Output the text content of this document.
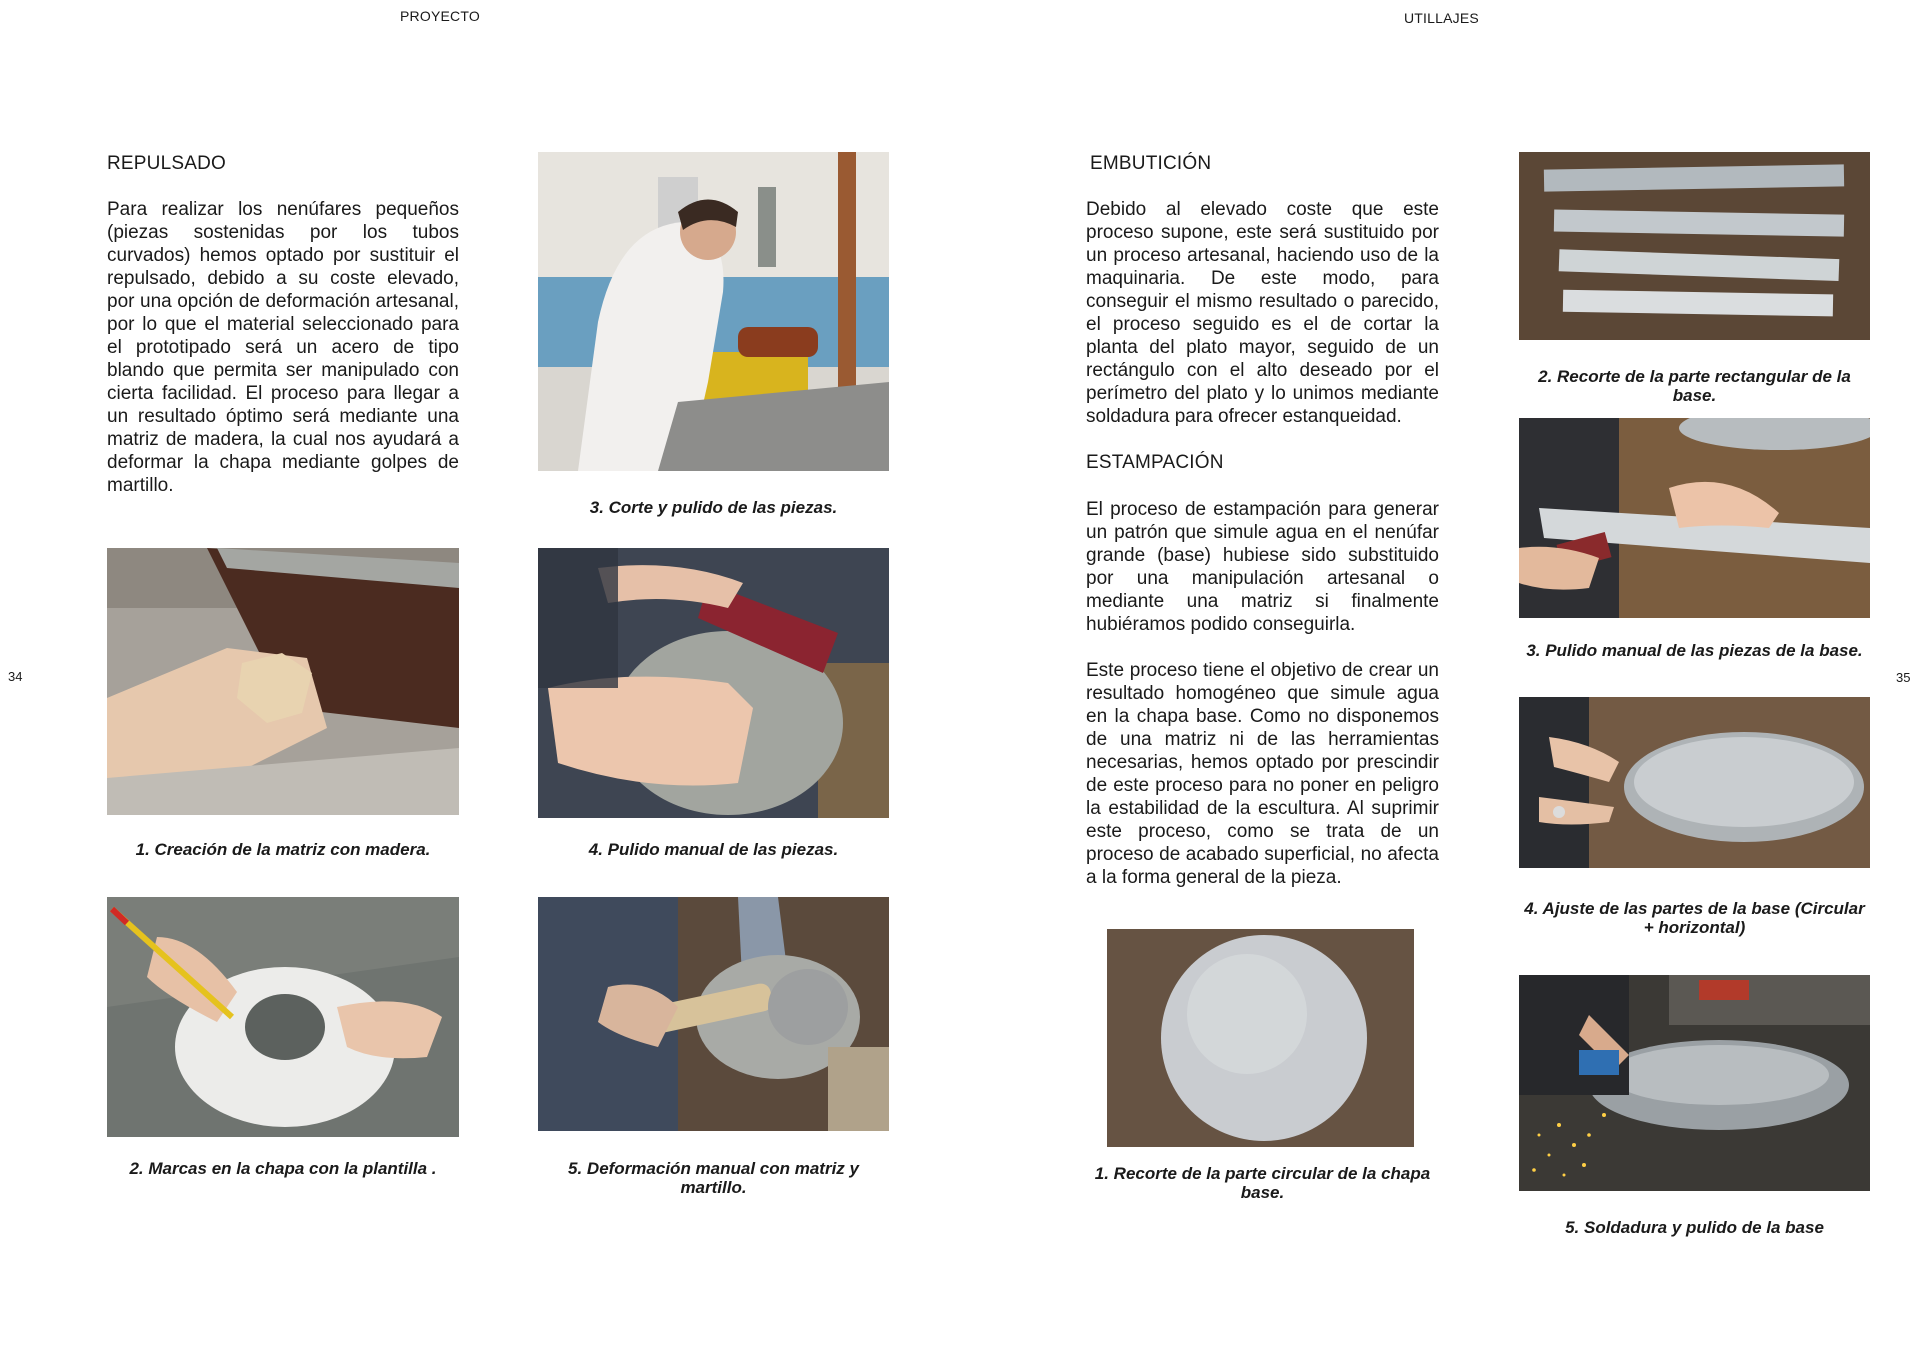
PROYECTO	UTILLAJES
34	35
REPULSADO

Para realizar los nenúfares pequeños (piezas sostenidas por los tubos curvados) hemos optado por sustituir el repulsado, debido a su coste elevado, por una opción de deformación artesanal, por lo que el material seleccionado para el prototipado será un acero de tipo blando que permita ser manipulado con cierta facilidad. El proceso para llegar a un resultado óptimo será mediante una matriz de madera, la cual nos ayudará a deformar la chapa mediante golpes de martillo.

3. Corte y pulido de las piezas.

1. Creación de la matriz con madera.	4. Pulido manual de las piezas.

2. Marcas en la chapa con la plantilla .	5. Deformación manual con matriz y martillo.

EMBUTICIÓN

Debido al elevado coste que este proceso supone, este será sustituido por un proceso artesanal, haciendo uso de la maquinaria. De este modo, para conseguir el mismo resultado o parecido, el proceso seguido es el de cortar la planta del plato mayor, seguido de un rectángulo con el alto deseado por el perímetro del plato y lo unimos mediante soldadura para ofrecer estanqueidad.

ESTAMPACIÓN

El proceso de estampación para generar un patrón que simule agua en el nenúfar grande (base) hubiese sido substituido por una manipulación artesanal o mediante una matriz si finalmente hubiéramos podido conseguirla.

Este proceso tiene el objetivo de crear un resultado homogéneo que simule agua en la chapa base. Como no disponemos de una matriz ni de las herramientas necesarias, hemos optado por prescindir de este proceso para no poner en peligro la estabilidad de la escultura. Al suprimir este proceso, como se trata de un proceso de acabado superficial, no afecta a la forma general de la pieza.

1. Recorte de la parte circular de la chapa base.

2. Recorte de la parte rectangular de la base.

3. Pulido manual de las piezas de la base.

4. Ajuste de las partes de la base (Circular + horizontal)

5. Soldadura y pulido de la base
